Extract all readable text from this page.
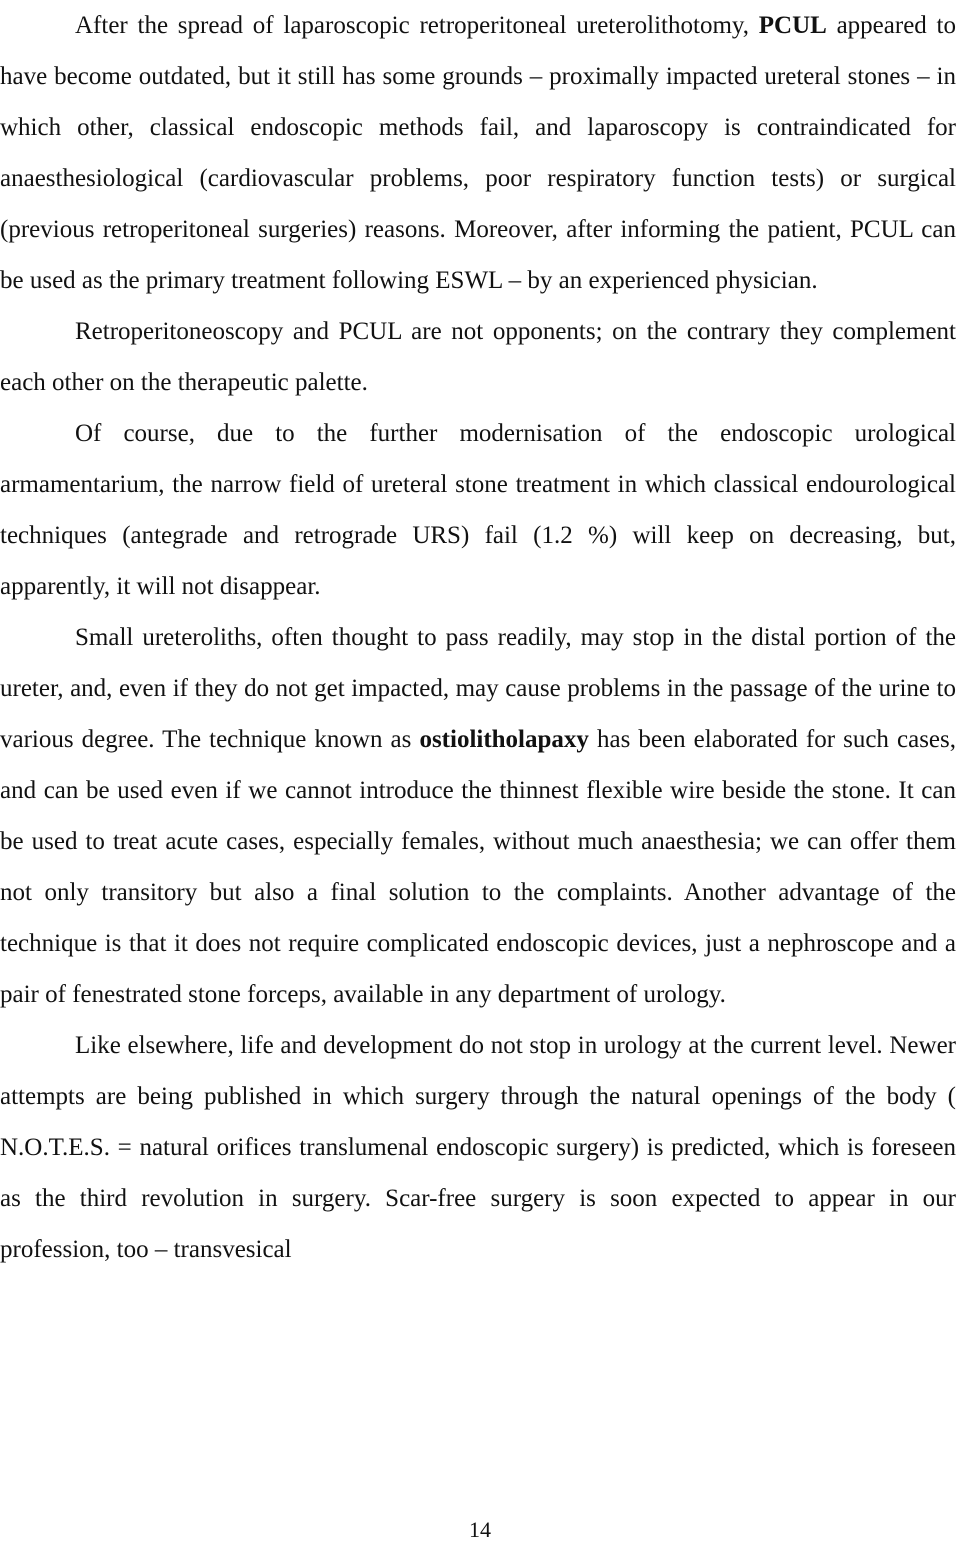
After the spread of laparoscopic retroperitoneal ureterolithotomy, PCUL appeared to have become outdated, but it still has some grounds – proximally impacted ureteral stones – in which other, classical endoscopic methods fail, and laparoscopy is contraindicated for anaesthesiological (cardiovascular problems, poor respiratory function tests) or surgical (previous retroperitoneal surgeries) reasons. Moreover, after informing the patient, PCUL can be used as the primary treatment following ESWL – by an experienced physician.

Retroperitoneoscopy and PCUL are not opponents; on the contrary they complement each other on the therapeutic palette.

Of course, due to the further modernisation of the endoscopic urological armamentarium, the narrow field of ureteral stone treatment in which classical endourological techniques (antegrade and retrograde URS) fail (1.2 %) will keep on decreasing, but, apparently, it will not disappear.

Small ureteroliths, often thought to pass readily, may stop in the distal portion of the ureter, and, even if they do not get impacted, may cause problems in the passage of the urine to various degree. The technique known as ostiolitholapaxy has been elaborated for such cases, and can be used even if we cannot introduce the thinnest flexible wire beside the stone. It can be used to treat acute cases, especially females, without much anaesthesia; we can offer them not only transitory but also a final solution to the complaints. Another advantage of the technique is that it does not require complicated endoscopic devices, just a nephroscope and a pair of fenestrated stone forceps, available in any department of urology.

Like elsewhere, life and development do not stop in urology at the current level. Newer attempts are being published in which surgery through the natural openings of the body ( N.O.T.E.S. = natural orifices translumenal endoscopic surgery) is predicted, which is foreseen as the third revolution in surgery. Scar-free surgery is soon expected to appear in our profession, too – transvesical

14
